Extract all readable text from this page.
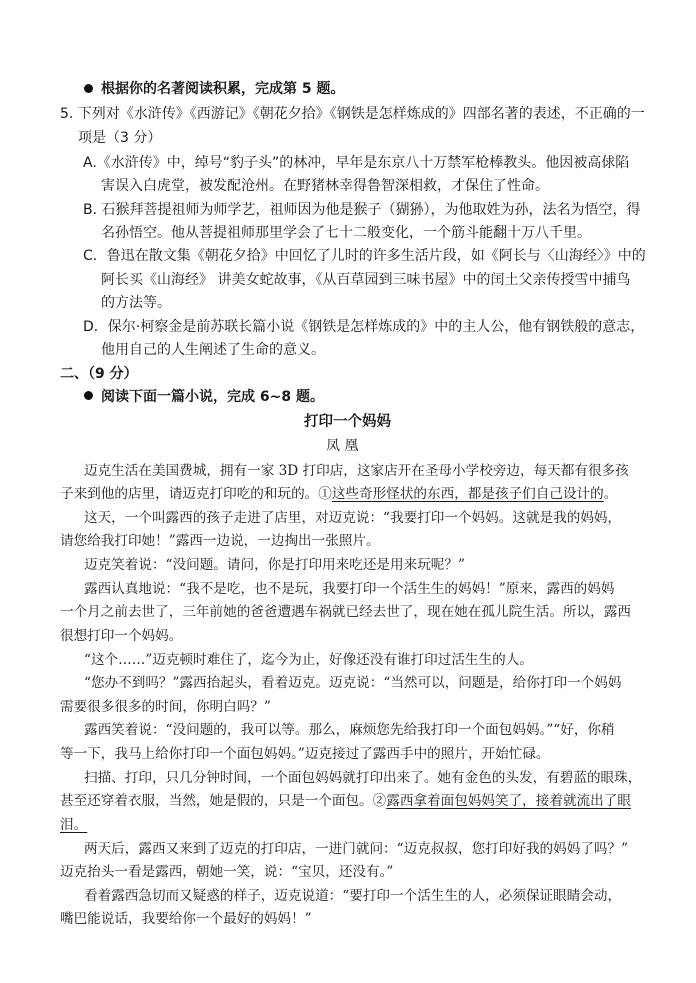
根据你的名著阅读积累，完成第 5 题。
5. 下列对《水浒传》《西游记》《朝花夕拾》《钢铁是怎样炼成的》四部名著的表述，不正确的一
项是（3 分）
A.《水浒传》中，绰号“豹子头”的林冲，早年是东京八十万禁军枪棒教头。他因被高俅陷
害误入白虎堂，被发配沧州。在野猪林幸得鲁智深相救，才保住了性命。
B. 石猴拜菩提祖师为师学艺，祖师因为他是猴子（猢狲），为他取姓为孙，法名为悟空，得
名孙悟空。他从菩提祖师那里学会了七十二般变化，一个筋斗能翻十万八千里。
C．鲁迅在散文集《朝花夕拾》中回忆了儿时的许多生活片段，如《阿长与〈山海经〉》中的
阿长买《山海经》 讲美女蛇故事，《从百草园到三味书屋》中的闰土父亲传授雪中捕鸟
的方法等。
D．保尔·柯察金是前苏联长篇小说《钢铁是怎样炼成的》中的主人公，他有钢铁般的意志，
他用自己的人生阐述了生命的意义。
二、（9 分）
阅读下面一篇小说，完成 6~8 题。
打印一个妈妈
凤 凰
迈克生活在美国费城，拥有一家 3D 打印店，这家店开在圣母小学校旁边，每天都有很多孩
子来到他的店里，请迈克打印吃的和玩的。①这些奇形怪状的东西，都是孩子们自己设计的。
这天，一个叫露西的孩子走进了店里，对迈克说：“我要打印一个妈妈。这就是我的妈妈，
请您给我打印她！”露西一边说，一边掏出一张照片。
迈克笑着说：“没问题。请问，你是打印用来吃还是用来玩呢？”
露西认真地说：“我不是吃，也不是玩，我要打印一个活生生的妈妈！”原来，露西的妈妈
一个月之前去世了，三年前她的爸爸遭遇车祸就已经去世了，现在她在孤儿院生活。所以，露西
很想打印一个妈妈。
“这个……”迈克顿时难住了，迄今为止，好像还没有谁打印过活生生的人。
“您办不到吗？”露西抬起头，看着迈克。迈克说：“当然可以，问题是，给你打印一个妈妈
需要很多很多的时间，你明白吗？”
露西笑着说：“没问题的，我可以等。那么，麻烦您先给我打印一个面包妈妈。”“好，你稍
等一下，我马上给你打印一个面包妈妈。”迈克接过了露西手中的照片，开始忙碌。
扫描、打印，只几分钟时间，一个面包妈妈就打印出来了。她有金色的头发，有碧蓝的眼珠，
甚至还穿着衣服，当然，她是假的，只是一个面包。②露西拿着面包妈妈笑了，接着就流出了眼
泪。
两天后，露西又来到了迈克的打印店，一进门就问：“迈克叔叔，您打印好我的妈妈了吗？”
迈克抬头一看是露西，朝她一笑，说：“宝贝，还没有。”
看着露西急切而又疑惑的样子，迈克说道：“要打印一个活生生的人，必须保证眼睛会动，
嘴巴能说话，我要给你一个最好的妈妈！”
